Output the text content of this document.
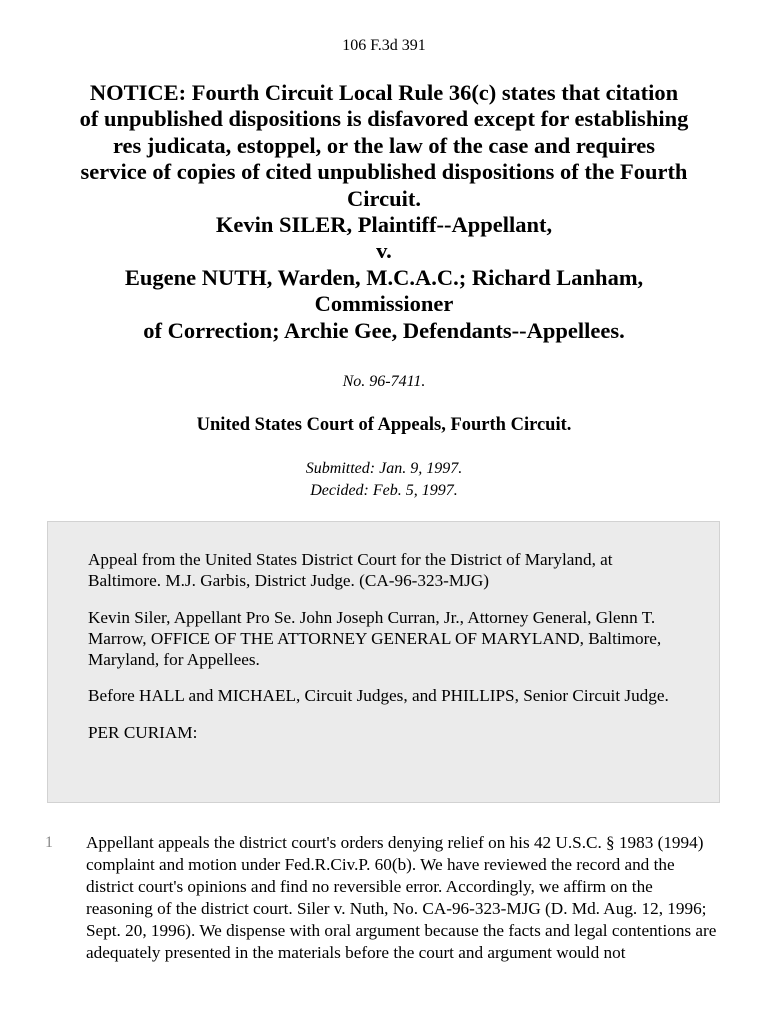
106 F.3d 391
NOTICE: Fourth Circuit Local Rule 36(c) states that citation
of unpublished dispositions is disfavored except for establishing
res judicata, estoppel, or the law of the case and requires
service of copies of cited unpublished dispositions of the Fourth
Circuit.
Kevin SILER, Plaintiff--Appellant,
v.
Eugene NUTH, Warden, M.C.A.C.; Richard Lanham,
Commissioner
of Correction; Archie Gee, Defendants--Appellees.
No. 96-7411.
United States Court of Appeals, Fourth Circuit.
Submitted: Jan. 9, 1997.
Decided: Feb. 5, 1997.

Appeal from the United States District Court for the District of Maryland, at Baltimore. M.J. Garbis, District Judge. (CA-96-323-MJG)

Kevin Siler, Appellant Pro Se. John Joseph Curran, Jr., Attorney General, Glenn T. Marrow, OFFICE OF THE ATTORNEY GENERAL OF MARYLAND, Baltimore, Maryland, for Appellees.

Before HALL and MICHAEL, Circuit Judges, and PHILLIPS, Senior Circuit Judge.

PER CURIAM:

1	Appellant appeals the district court's orders denying relief on his 42 U.S.C. § 1983 (1994) complaint and motion under Fed.R.Civ.P. 60(b). We have reviewed the record and the district court's opinions and find no reversible error. Accordingly, we affirm on the reasoning of the district court. Siler v. Nuth, No. CA-96-323-MJG (D. Md. Aug. 12, 1996; Sept. 20, 1996). We dispense with oral argument because the facts and legal contentions are adequately presented in the materials before the court and argument would not
